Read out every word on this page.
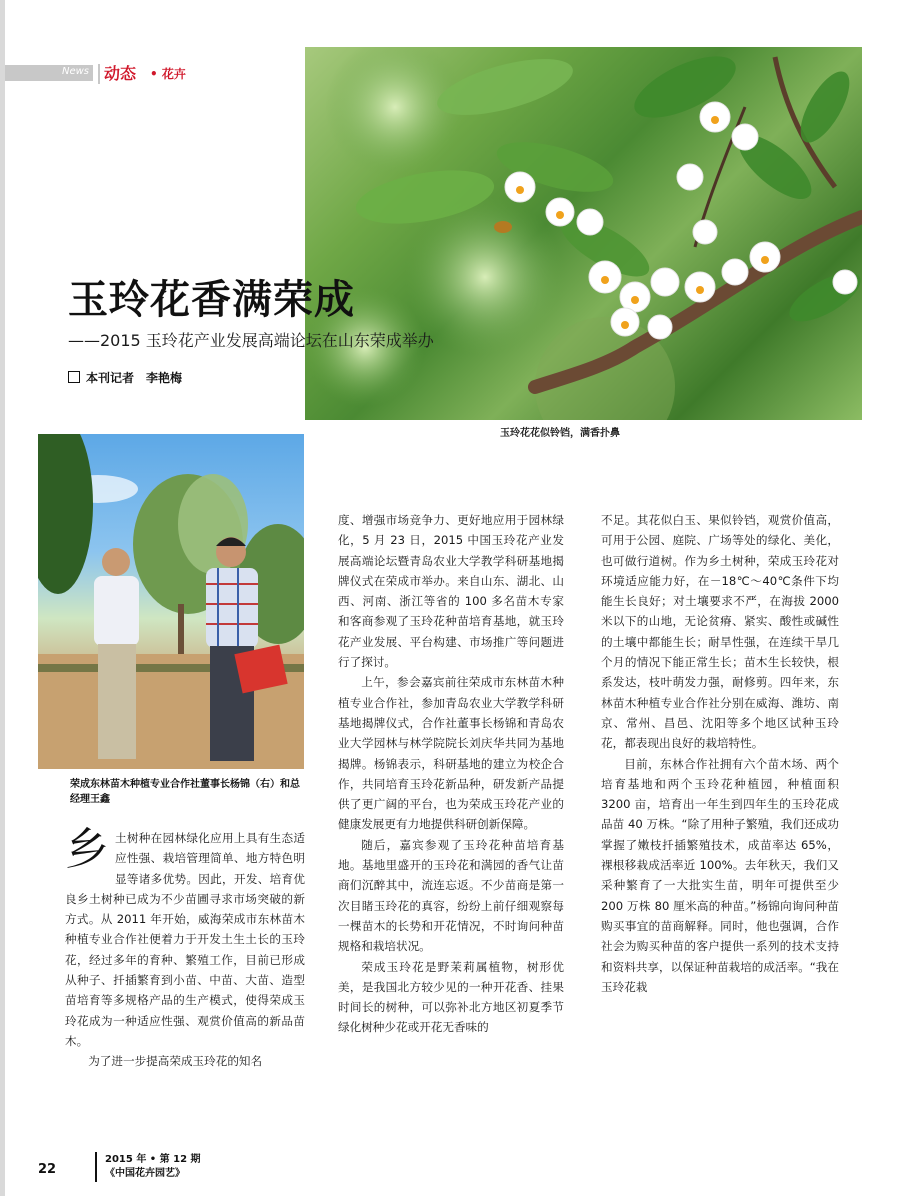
News 动态 • 花卉
玉玲花花似铃铛，满香扑鼻
玉玲花香满荣成
——2015 玉玲花产业发展高端论坛在山东荣成举办
本刊记者　李艳梅
荣成东林苗木种植专业合作社董事长杨锦（右）和总经理王鑫
乡 土树种在园林绿化应用上具有生态适应性强、栽培管理简单、地方特色明显等诸多优势。因此，开发、培育优良乡土树种已成为不少苗圃寻求市场突破的新方式。从 2011 年开始，威海荣成市东林苗木种植专业合作社便着力于开发土生土长的玉玲花，经过多年的育种、繁殖工作，目前已形成从种子、扦插繁育到小苗、中苗、大苗、造型苗培育等多规格产品的生产模式，使得荣成玉玲花成为一种适应性强、观赏价值高的新品苗木。

为了进一步提高荣成玉玲花的知名

度、增强市场竞争力、更好地应用于园林绿化，5 月 23 日，2015 中国玉玲花产业发展高端论坛暨青岛农业大学教学科研基地揭牌仪式在荣成市举办。来自山东、湖北、山西、河南、浙江等省的 100 多名苗木专家和客商参观了玉玲花种苗培育基地，就玉玲花产业发展、平台构建、市场推广等问题进行了探讨。

上午，参会嘉宾前往荣成市东林苗木种植专业合作社，参加青岛农业大学教学科研基地揭牌仪式，合作社董事长杨锦和青岛农业大学园林与林学院院长刘庆华共同为基地揭牌。杨锦表示，科研基地的建立为校企合作，共同培育玉玲花新品种，研发新产品提供了更广阔的平台，也为荣成玉玲花产业的健康发展更有力地提供科研创新保障。

随后，嘉宾参观了玉玲花种苗培育基地。基地里盛开的玉玲花和满园的香气让苗商们沉醉其中，流连忘返。不少苗商是第一次目睹玉玲花的真容，纷纷上前仔细观察每一棵苗木的长势和开花情况，不时询问种苗规格和栽培状况。

荣成玉玲花是野茉莉属植物，树形优美，是我国北方较少见的一种开花香、挂果时间长的树种，可以弥补北方地区初夏季节绿化树种少花或开花无香味的

不足。其花似白玉、果似铃铛，观赏价值高，可用于公园、庭院、广场等处的绿化、美化，也可做行道树。作为乡土树种，荣成玉玲花对环境适应能力好，在－18℃～40℃条件下均能生长良好；对土壤要求不严，在海拔 2000 米以下的山地，无论贫瘠、紧实、酸性或碱性的土壤中都能生长；耐旱性强，在连续干旱几个月的情况下能正常生长；苗木生长较快，根系发达，枝叶萌发力强，耐修剪。四年来，东林苗木种植专业合作社分别在威海、潍坊、南京、常州、昌邑、沈阳等多个地区试种玉玲花，都表现出良好的栽培特性。

目前，东林合作社拥有六个苗木场、两个培育基地和两个玉玲花种植园，种植面积 3200 亩，培育出一年生到四年生的玉玲花成品苗 40 万株。“除了用种子繁殖，我们还成功掌握了嫩枝扦插繁殖技术，成苗率达 65%，裸根移栽成活率近 100%。去年秋天，我们又采种繁育了一大批实生苗，明年可提供至少 200 万株 80 厘米高的种苗。”杨锦向询问种苗购买事宜的苗商解释。同时，他也强调，合作社会为购买种苗的客户提供一系列的技术支持和资料共享，以保证种苗栽培的成活率。“我在玉玲花栽

22
2015 年 • 第 12 期
《中国花卉园艺》
